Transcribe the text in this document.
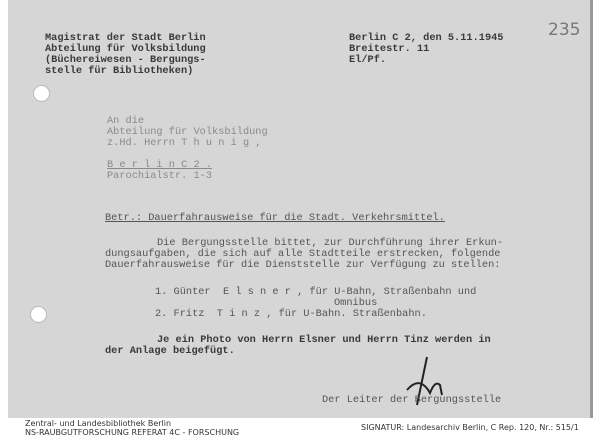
235
Magistrat der Stadt Berlin
Abteilung für Volksbildung
(Büchereiwesen - Bergungs-
stelle für Bibliotheken)
Berlin C 2, den 5.11.1945
Breitestr. 11
El/Pf.
An die
Abteilung für Volksbildung
z.Hd. Herrn T h u n i g ,
B e r l i n C 2 .
Parochialstr. 1-3
Betr.: Dauerfahrausweise für die Stadt. Verkehrsmittel.
Die Bergungsstelle bittet, zur Durchführung ihrer Erkun-
dungsaufgaben, die sich auf alle Stadtteile erstrecken, folgende
Dauerfahrausweise für die Dienststelle zur Verfügung zu stellen:
1. Günter  E l s n e r , für U-Bahn, Straßenbahn und
Omnibus
2. Fritz  T i n z , für U-Bahn. Straßenbahn.
Je ein Photo von Herrn Elsner und Herrn Tinz werden in
der Anlage beigefügt.
Der Leiter der Bergungsstelle
Zentral- und Landesbibliothek Berlin
NS-RAUBGUTFORSCHUNG REFERAT 4C - FORSCHUNG
SIGNATUR: Landesarchiv Berlin, C Rep. 120, Nr.: 515/1
